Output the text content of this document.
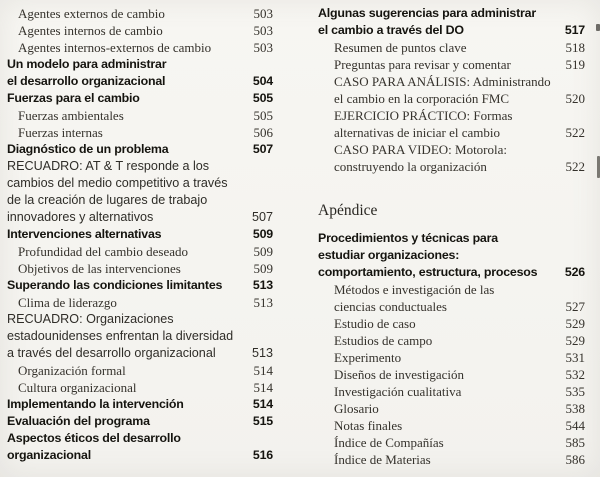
Agentes externos de cambio	503
Agentes internos de cambio	503
Agentes internos-externos de cambio	503
Un modelo para administrar
el desarrollo organizacional	504
Fuerzas para el cambio	505
Fuerzas ambientales	505
Fuerzas internas	506
Diagnóstico de un problema	507
RECUADRO: AT & T responde a los
cambios del medio competitivo a través
de la creación de lugares de trabajo
innovadores y alternativos	507
Intervenciones alternativas	509
Profundidad del cambio deseado	509
Objetivos de las intervenciones	509
Superando las condiciones limitantes 513
Clima de liderazgo	513
RECUADRO: Organizaciones
estadounidenses enfrentan la diversidad
a través del desarrollo organizacional	513
Organización formal	514
Cultura organizacional	514
Implementando la intervención	514
Evaluación del programa	515
Aspectos éticos del desarrollo
organizacional	516
Algunas sugerencias para administrar
el cambio a través del DO	517
Resumen de puntos clave	518
Preguntas para revisar y comentar	519
CASO PARA ANÁLISIS: Administrando
el cambio en la corporación FMC	520
EJERCICIO PRÁCTICO: Formas
alternativas de iniciar el cambio	522
CASO PARA VIDEO: Motorola:
construyendo la organización	522
Apéndice
Procedimientos y técnicas para
estudiar organizaciones:
comportamiento, estructura, procesos 526
Métodos e investigación de las
ciencias conductuales	527
Estudio de caso	529
Estudios de campo	529
Experimento	531
Diseños de investigación	532
Investigación cualitativa	535
Glosario	538
Notas finales	544
Índice de Compañías	585
Índice de Materias	586
